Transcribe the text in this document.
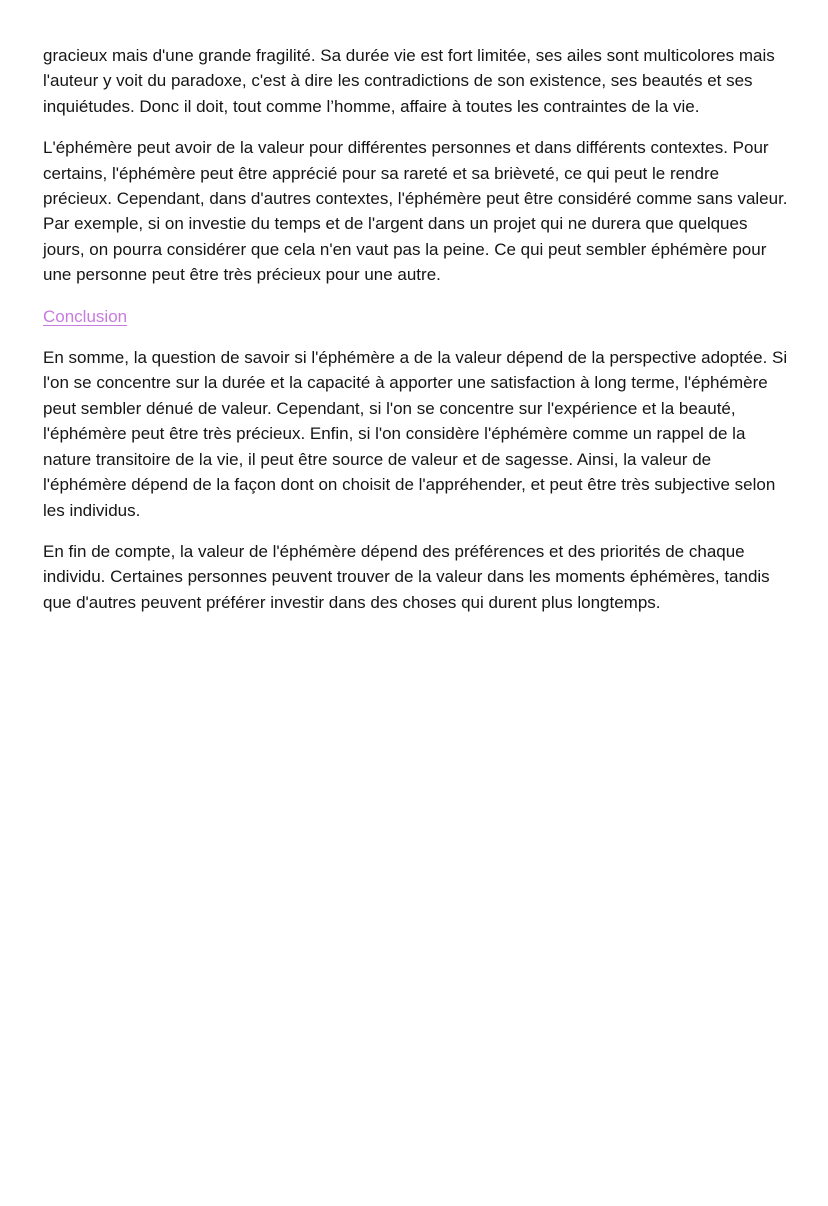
gracieux mais d'une grande fragilité. Sa durée vie est fort limitée, ses ailes sont multicolores mais l'auteur y voit du paradoxe, c'est à dire les contradictions de son existence, ses beautés et ses inquiétudes. Donc il doit, tout comme l’homme, affaire à toutes les contraintes de la vie.

L'éphémère peut avoir de la valeur pour différentes personnes et dans différents contextes. Pour certains, l'éphémère peut être apprécié pour sa rareté et sa brièveté, ce qui peut le rendre précieux. Cependant, dans d'autres contextes, l'éphémère peut être considéré comme sans valeur. Par exemple, si on investie du temps et de l'argent dans un projet qui ne durera que quelques jours, on pourra considérer que cela n'en vaut pas la peine. Ce qui peut sembler éphémère pour une personne peut être très précieux pour une autre.

Conclusion

En somme, la question de savoir si l'éphémère a de la valeur dépend de la perspective adoptée. Si l'on se concentre sur la durée et la capacité à apporter une satisfaction à long terme, l'éphémère peut sembler dénué de valeur. Cependant, si l'on se concentre sur l'expérience et la beauté, l'éphémère peut être très précieux. Enfin, si l'on considère l'éphémère comme un rappel de la nature transitoire de la vie, il peut être source de valeur et de sagesse. Ainsi, la valeur de l'éphémère dépend de la façon dont on choisit de l'appréhender, et peut être très subjective selon les individus.

En fin de compte, la valeur de l'éphémère dépend des préférences et des priorités de chaque individu. Certaines personnes peuvent trouver de la valeur dans les moments éphémères, tandis que d'autres peuvent préférer investir dans des choses qui durent plus longtemps.
